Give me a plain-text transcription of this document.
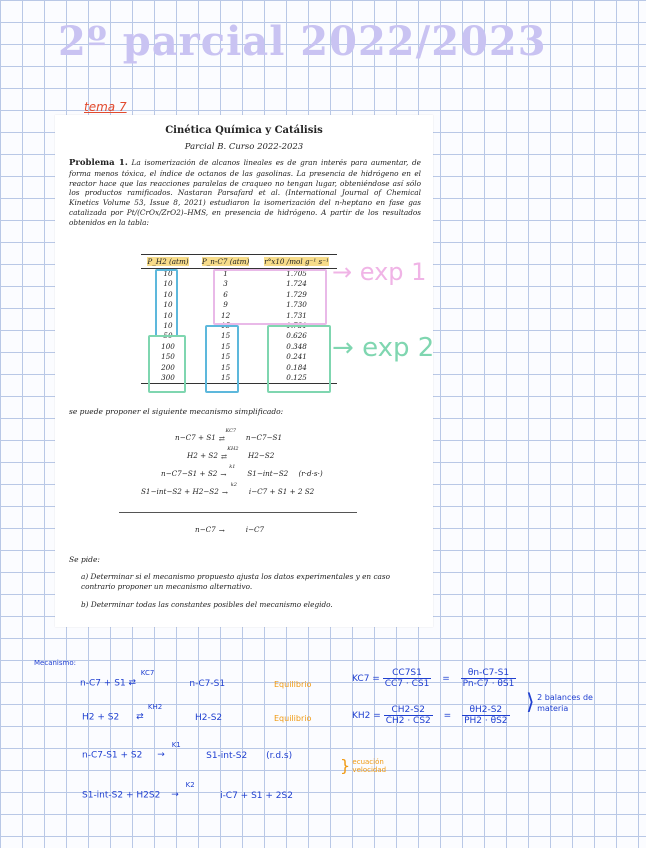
2º parcial 2022/2023
tema 7
Cinética Química y Catálisis
Parcial B. Curso 2022-2023
Problema 1. La isomerización de alcanos lineales es de gran interés para aumentar, de forma menos tóxica, el índice de octanos de las gasolinas. La presencia de hidrógeno en el reactor hace que las reacciones paralelas de craqueo no tengan lugar, obteniéndose así sólo los productos ramificados. Nastaran Parsafard et al. (International Journal of Chemical Kinetics Volume 53, Issue 8, 2021) estudiaron la isomerización del n-heptano en fase gas catalizada por Pt/(CrOx/ZrO2)–HMS, en presencia de hidrógeno. A partir de los resultados obtenidos en la tabla:
P_H2 (atm)	P_n-C7 (atm)	r°x10 /mol g⁻¹ s⁻¹
10	1	1.705
10	3	1.724
10	6	1.729
10	9	1.730
10	12	1.731
10	15	1.731
50	15	0.626
100	15	0.348
150	15	0.241
200	15	0.184
300	15	0.125
se puede proponer el siguiente mecanismo simplificado:
n−C7 + S1 ⇄
KC7
n−C7−S1
H2 + S2 ⇄
KH2
H2−S2
n−C7−S1 + S2 →
k1
S1−int−S2 (r·d·s·)
S1−int−S2 + H2−S2 →
k2
i−C7 + S1 + 2 S2
n−C7 →	i−C7
Se pide:
a) Determinar si el mecanismo propuesto ajusta los datos experimentales y en caso contrario proponer un mecanismo alternativo.
b) Determinar todas las constantes posibles del mecanismo elegido.
→ exp 1
→ exp 2
Mecanismo:
n-C7 + S1 ⇄
KC7
n-C7-S1	Equilibrio
H2 + S2 ⇄
KH2
H2-S2	Equilibrio
n-C7-S1 + S2 →
K1
S1-int-S2 (r.d.s)
} ecuación velocidad
S1-int-S2 + H2S2 →
K2
i-C7 + S1 + 2S2
$KC7 = \frac{CC7S1}{CC7 \cdot CS1} = \frac{\theta n-C7-S1}{Pn-C7 \cdot \theta S1}$
$KH2 = \frac{CH2-S2}{CH2 \cdot CS2} = \frac{\theta H2-S2}{PH2 \cdot \theta S2}$
⟩ 2 balances de materia
